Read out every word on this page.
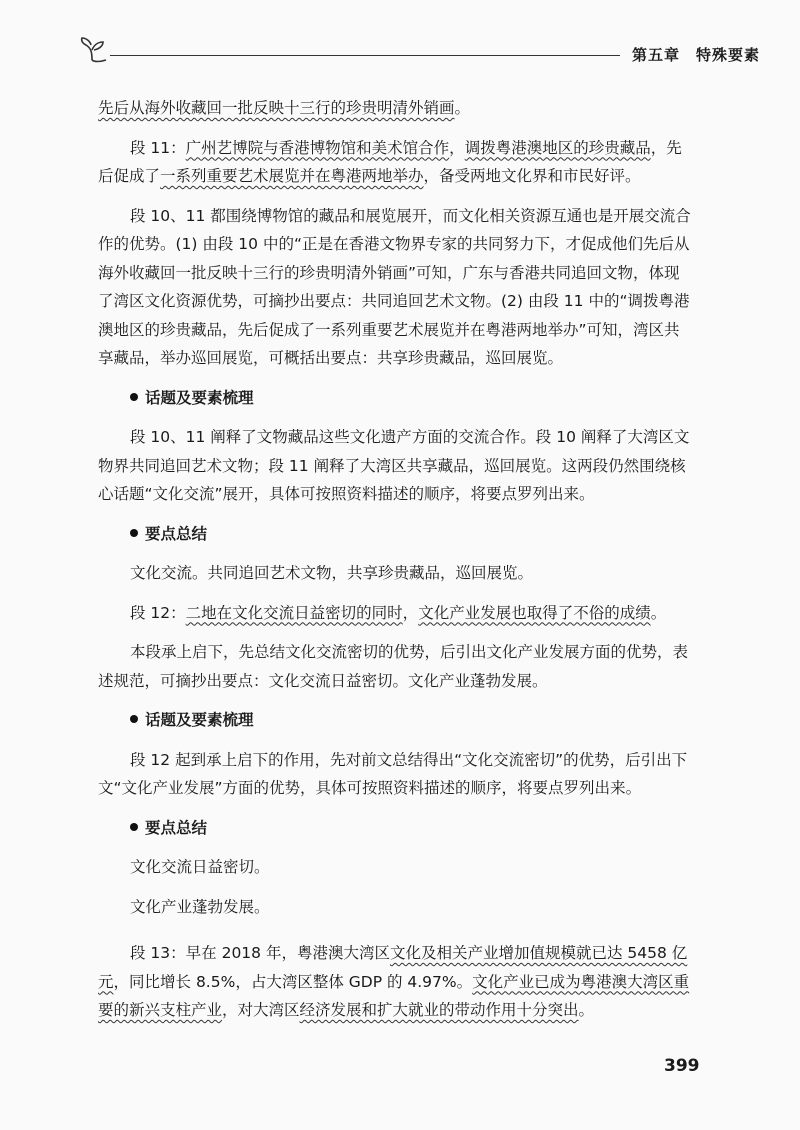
第五章　特殊要素

先后从海外收藏回一批反映十三行的珍贵明清外销画。

段 11：广州艺博院与香港博物馆和美术馆合作，调拨粤港澳地区的珍贵藏品，先后促成了一系列重要艺术展览并在粤港两地举办，备受两地文化界和市民好评。

段 10、11 都围绕博物馆的藏品和展览展开，而文化相关资源互通也是开展交流合作的优势。(1) 由段 10 中的“正是在香港文物界专家的共同努力下，才促成他们先后从海外收藏回一批反映十三行的珍贵明清外销画”可知，广东与香港共同追回文物，体现了湾区文化资源优势，可摘抄出要点：共同追回艺术文物。(2) 由段 11 中的“调拨粤港澳地区的珍贵藏品，先后促成了一系列重要艺术展览并在粤港两地举办”可知，湾区共享藏品，举办巡回展览，可概括出要点：共享珍贵藏品，巡回展览。

话题及要素梳理

段 10、11 阐释了文物藏品这些文化遗产方面的交流合作。段 10 阐释了大湾区文物界共同追回艺术文物；段 11 阐释了大湾区共享藏品，巡回展览。这两段仍然围绕核心话题“文化交流”展开，具体可按照资料描述的顺序，将要点罗列出来。

要点总结

文化交流。共同追回艺术文物，共享珍贵藏品，巡回展览。

段 12：二地在文化交流日益密切的同时，文化产业发展也取得了不俗的成绩。

本段承上启下，先总结文化交流密切的优势，后引出文化产业发展方面的优势，表述规范，可摘抄出要点：文化交流日益密切。文化产业蓬勃发展。

话题及要素梳理

段 12 起到承上启下的作用，先对前文总结得出“文化交流密切”的优势，后引出下文“文化产业发展”方面的优势，具体可按照资料描述的顺序，将要点罗列出来。

要点总结

文化交流日益密切。

文化产业蓬勃发展。

段 13：早在 2018 年，粤港澳大湾区文化及相关产业增加值规模就已达 5458 亿元，同比增长 8.5%，占大湾区整体 GDP 的 4.97%。文化产业已成为粤港澳大湾区重要的新兴支柱产业，对大湾区经济发展和扩大就业的带动作用十分突出。

399
